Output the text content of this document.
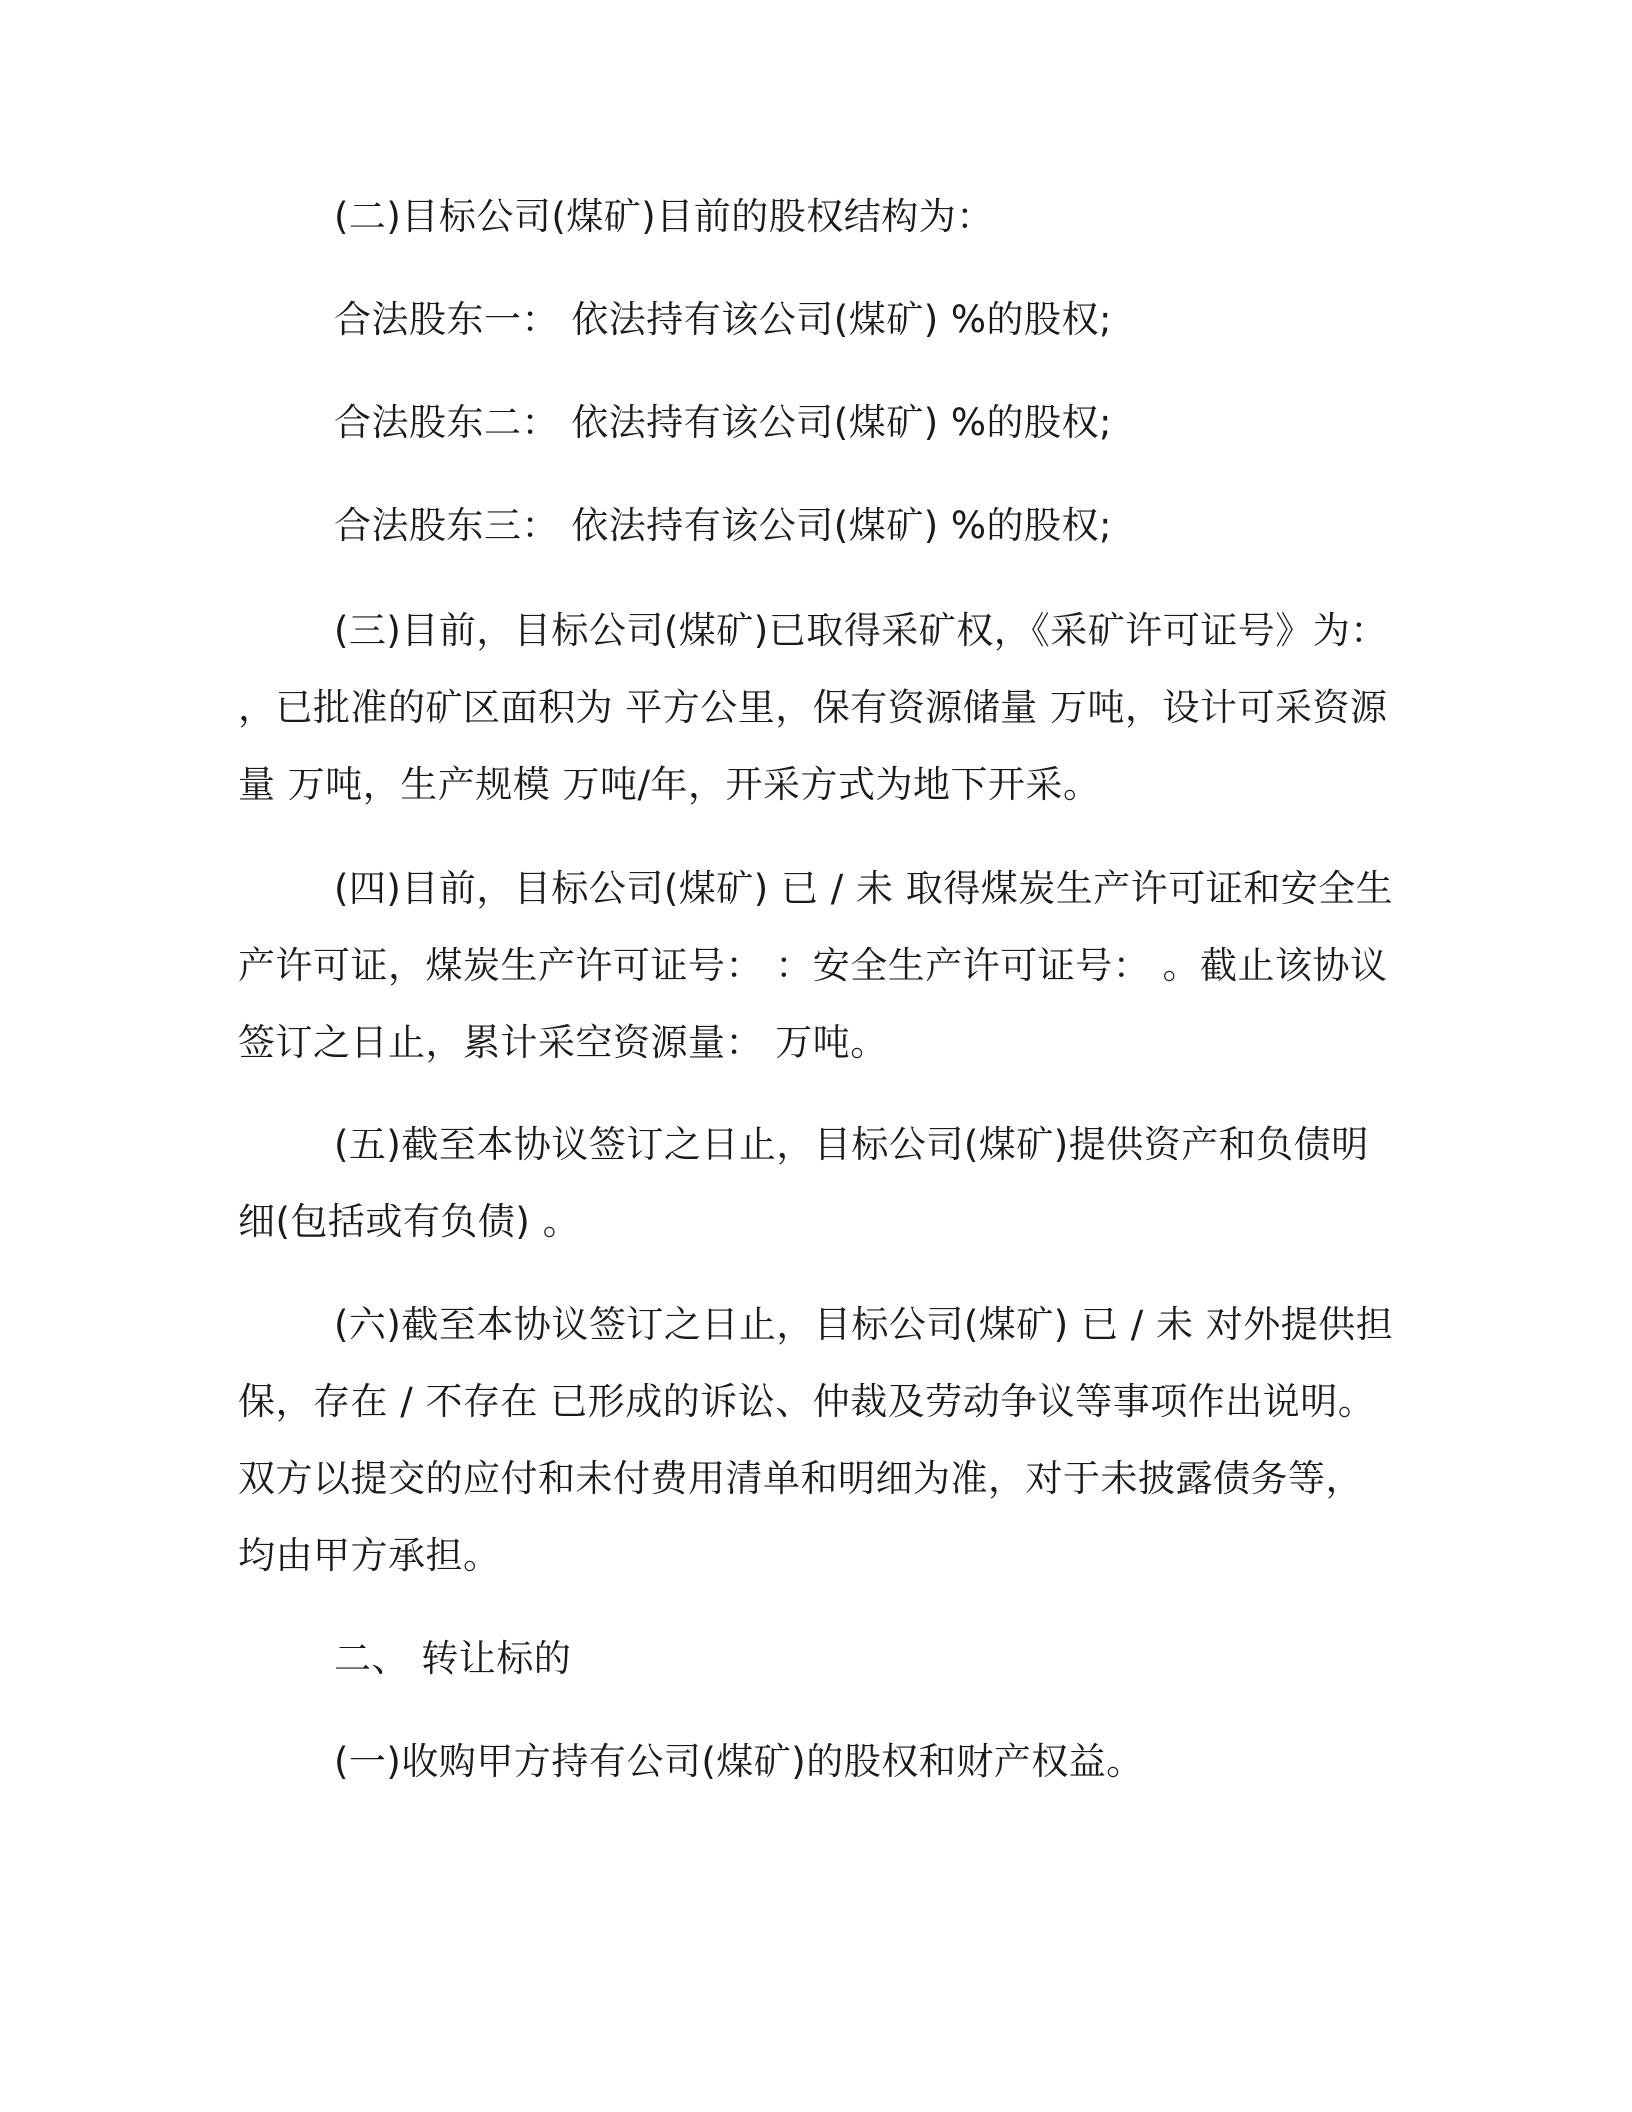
(二)目标公司(煤矿)目前的股权结构为：

合法股东一： 依法持有该公司(煤矿) %的股权;

合法股东二： 依法持有该公司(煤矿) %的股权;

合法股东三： 依法持有该公司(煤矿) %的股权;

(三)目前，目标公司(煤矿)已取得采矿权，《采矿许可证号》为： ，已批准的矿区面积为 平方公里，保有资源储量 万吨，设计可采资源量 万吨，生产规模 万吨/年，开采方式为地下开采。

(四)目前，目标公司(煤矿) 已 / 未 取得煤炭生产许可证和安全生产许可证，煤炭生产许可证号： ：安全生产许可证号： 。截止该协议签订之日止，累计采空资源量： 万吨。

(五)截至本协议签订之日止，目标公司(煤矿)提供资产和负债明细(包括或有负债) 。

(六)截至本协议签订之日止，目标公司(煤矿) 已 / 未 对外提供担保，存在 / 不存在 已形成的诉讼、仲裁及劳动争议等事项作出说明。双方以提交的应付和未付费用清单和明细为准，对于未披露债务等，均由甲方承担。

二、 转让标的

(一)收购甲方持有公司(煤矿)的股权和财产权益。
